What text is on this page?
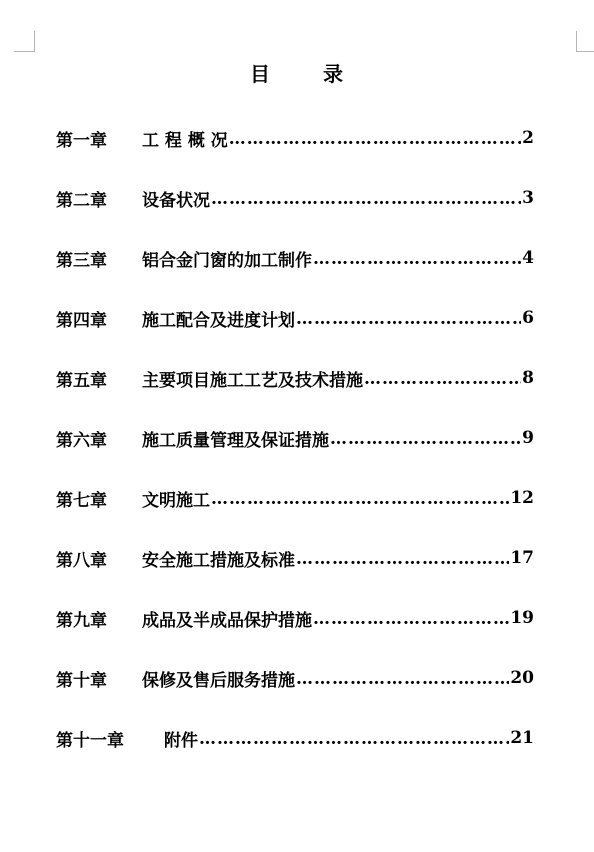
目	录
第一章	工 程 概 况 …………………………………………………………………………………………………………	2
第二章	设备状况 …………………………………………………………………………………………………………	3
第三章	铝合金门窗的加工制作 …………………………………………………………………………………………………………	4
第四章	施工配合及进度计划 …………………………………………………………………………………………………………	6
第五章	主要项目施工工艺及技术措施 …………………………………………………………………………………………………………	8
第六章	施工质量管理及保证措施 …………………………………………………………………………………………………………	9
第七章	文明施工 …………………………………………………………………………………………………………	12
第八章	安全施工措施及标准 …………………………………………………………………………………………………………	17
第九章	成品及半成品保护措施 …………………………………………………………………………………………………………	19
第十章	保修及售后服务措施 …………………………………………………………………………………………………………	20
第十一章	附件 …………………………………………………………………………………………………………	21
